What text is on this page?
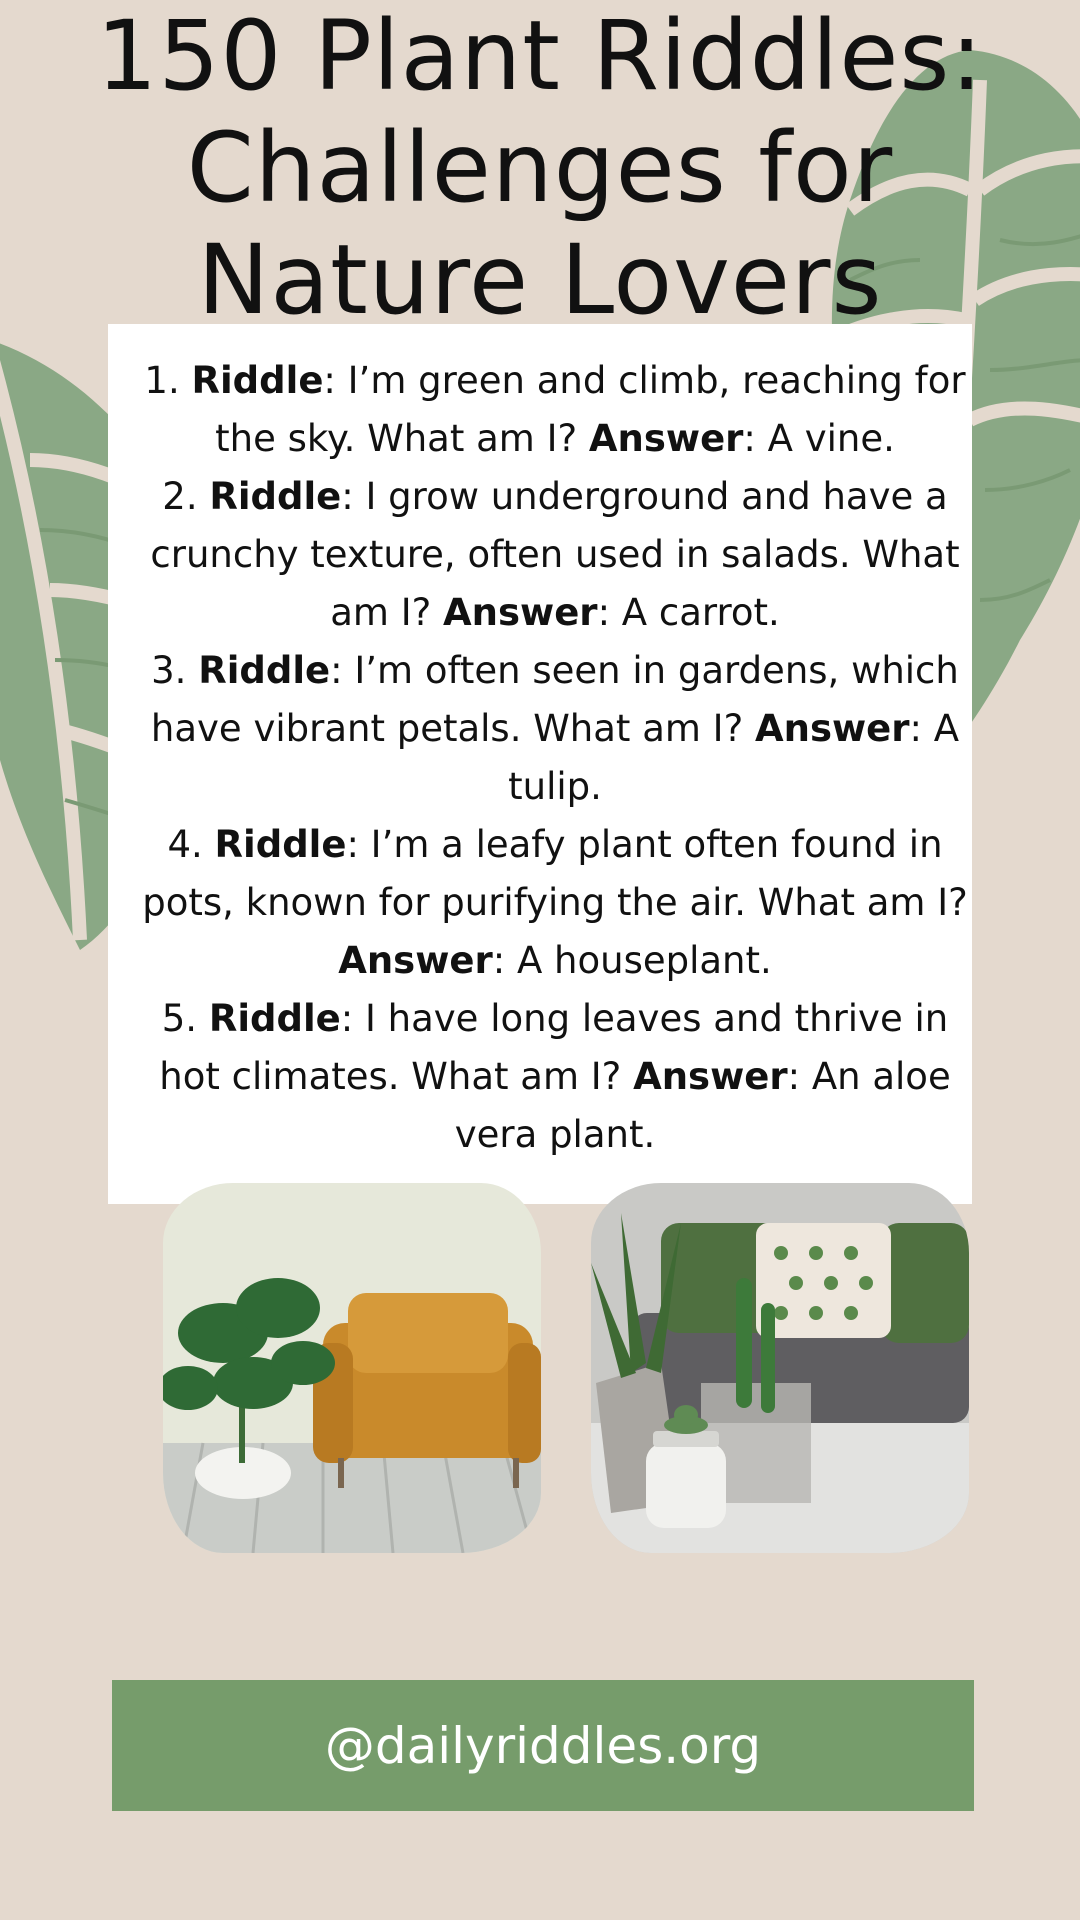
150 Plant Riddles:
Challenges for
Nature Lovers
1. Riddle: I’m green and climb, reaching for the sky. What am I? Answer: A vine.
2. Riddle: I grow underground and have a crunchy texture, often used in salads. What am I? Answer: A carrot.
3. Riddle: I’m often seen in gardens, which have vibrant petals. What am I? Answer: A tulip.
4. Riddle: I’m a leafy plant often found in pots, known for purifying the air. What am I? Answer: A houseplant.
5. Riddle: I have long leaves and thrive in hot climates. What am I? Answer: An aloe vera plant.
@dailyriddles.org
